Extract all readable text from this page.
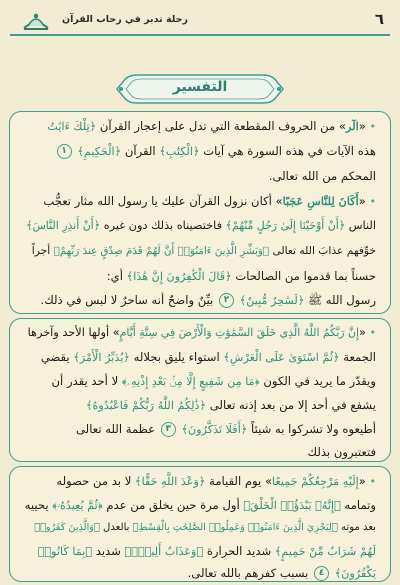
٦
رحلة تدبر في رحاب القرآن
التفسير
• «الٓر» من الحروف المقطعة التي تدل على إعجاز القرآن ﴿تِلْكَ ءَايَٰتُ
هذه الآيات في هذه السورة هي آيات ﴿الْكِتَٰبِ﴾ القرآن ﴿الْحَكِيمِ﴾ ١
المحكم من الله تعالى.
• «أَكَانَ لِلنَّاسِ عَجَبًا» أكان نزول القرآن عليك يا رسول الله مثار تعجُّب
الناس ﴿أَنْ أَوْحَيْنَا إِلَىٰ رَجُلٍ مِّنْهُمْ﴾ فاختصيناه بذلك دون غيره ﴿أَنْ أَنذِرِ النَّاسَ﴾
خوِّفهم عذابَ الله تعالى ﴿وَبَشِّرِ الَّذِينَ ءَامَنُوٓا۟ أَنَّ لَهُمْ قَدَمَ صِدْقٍ عِندَ رَبِّهِمْ﴾ أجراً
حسناً بما قدموا من الصالحات ﴿قَالَ الْكَٰفِرُونَ إِنَّ هَٰذَا﴾ أي:
رسول الله ﷺ ﴿لَسَٰحِرٌ مُّبِينٌ﴾ ٢ بيِّنٌ واضحٌ أنه ساحرٌ لا لبس في ذلك.
• «إِنَّ رَبَّكُمُ اللَّهُ الَّذِي خَلَقَ السَّمَٰوَٰتِ وَالْأَرْضَ فِي سِتَّةِ أَيَّامٍ» أولها الأحد وآخرها
الجمعة ﴿ثُمَّ اسْتَوَىٰ عَلَى الْعَرْشِ﴾ استواء يليق بجلاله ﴿يُدَبِّرُ الْأَمْرَ﴾ يقضي
ويقدّر ما يريد في الكون ﴿مَا مِن شَفِيعٍ إِلَّا مِنۢ بَعْدِ إِذْنِهِۦ﴾ لا أحد يقدر أن
يشفع في أحد إلا من بعد إذنه تعالى ﴿ذَٰلِكُمُ اللَّهُ رَبُّكُمْ فَاعْبُدُوهُ﴾
أطيعوه ولا تشركوا به شيئاً ﴿أَفَلَا تَذَكَّرُونَ﴾ ٣ عظمة الله تعالى
فتعتبرون بذلك
• «إِلَيْهِ مَرْجِعُكُمْ جَمِيعًا» يوم القيامة ﴿وَعْدَ اللَّهِ حَقًّا﴾ لا بد من حصوله
وتمامه ﴿إِنَّهُۥ يَبْدَؤُا۟ الْخَلْقَ﴾ أول مرة حين يخلق من عدم ﴿ثُمَّ يُعِيدُهُۥ﴾ يحييه
بعد موته ﴿لِيَجْزِيَ الَّذِينَ ءَامَنُوا۟ وَعَمِلُوا۟ الصَّٰلِحَٰتِ بِالْقِسْطِ﴾ بالعدل ﴿وَالَّذِينَ كَفَرُوا۟
لَهُمْ شَرَابٌ مِّنْ حَمِيمٍ﴾ شديد الحرارة ﴿وَعَذَابٌ أَلِيمٌۢ﴾ شديد ﴿بِمَا كَانُوا۟
يَكْفُرُونَ﴾ ٤ بسبب كفرهم بالله تعالى.
